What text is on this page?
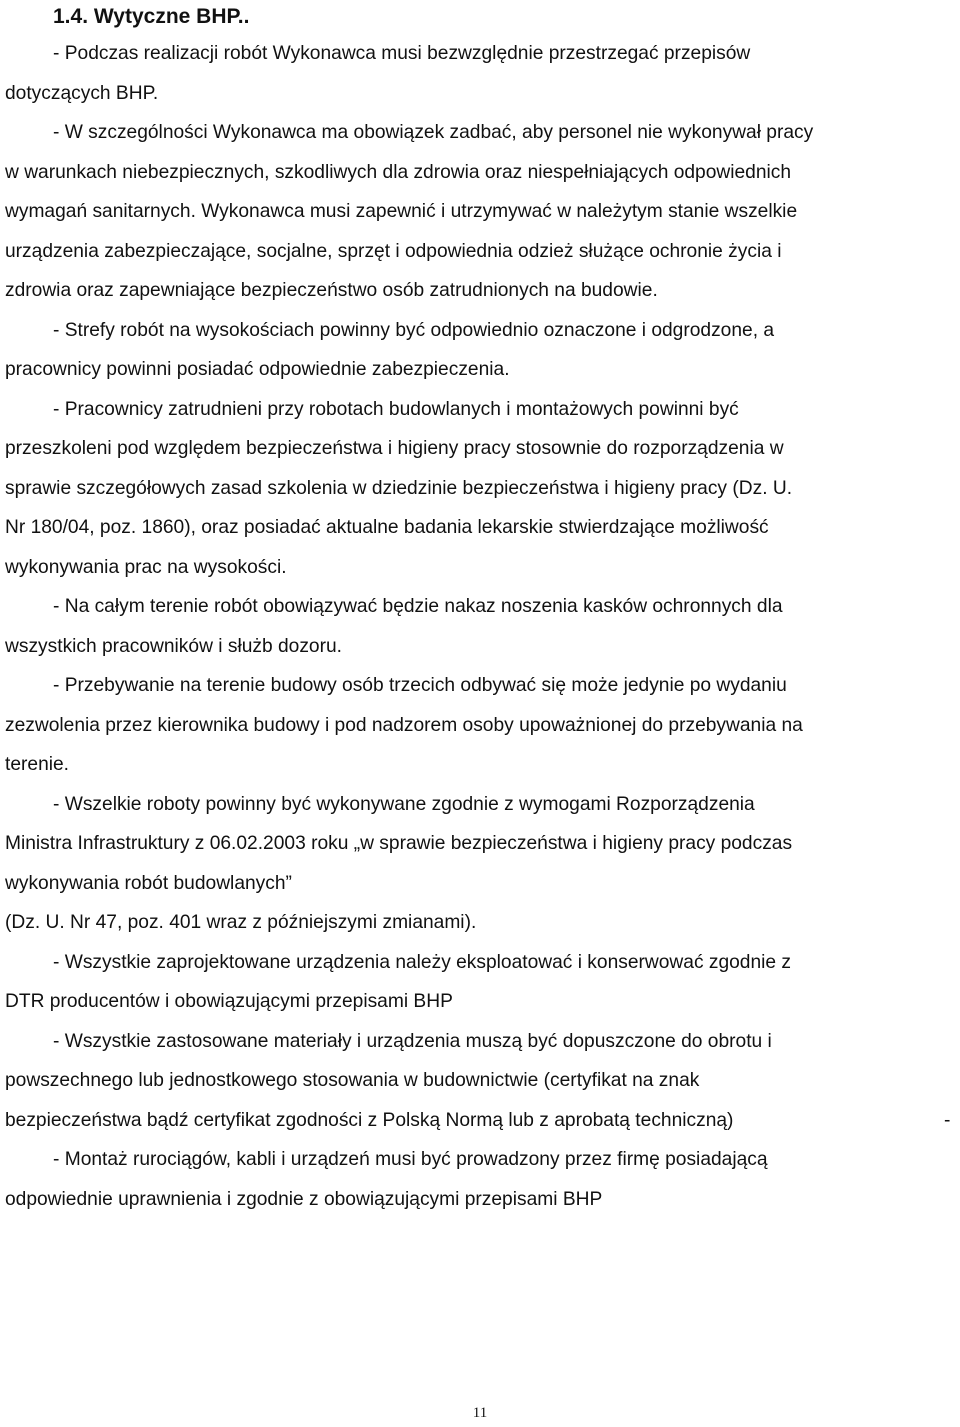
1.4. Wytyczne BHP..
- Podczas realizacji robót Wykonawca musi bezwzględnie przestrzegać przepisów
dotyczących BHP.
- W szczególności Wykonawca ma obowiązek zadbać, aby personel nie wykonywał pracy
w warunkach niebezpiecznych, szkodliwych dla zdrowia oraz niespełniających odpowiednich
wymagań sanitarnych. Wykonawca musi zapewnić i utrzymywać w należytym stanie wszelkie
urządzenia zabezpieczające, socjalne, sprzęt i odpowiednia odzież służące ochronie życia i
zdrowia oraz zapewniające bezpieczeństwo osób zatrudnionych na budowie.
- Strefy robót na wysokościach powinny być odpowiednio oznaczone i odgrodzone, a
pracownicy powinni posiadać odpowiednie zabezpieczenia.
- Pracownicy zatrudnieni przy robotach budowlanych i montażowych powinni być
przeszkoleni pod względem bezpieczeństwa i higieny pracy stosownie do rozporządzenia w
sprawie szczegółowych zasad szkolenia w dziedzinie bezpieczeństwa i higieny pracy (Dz. U.
Nr 180/04, poz. 1860), oraz posiadać aktualne badania lekarskie stwierdzające możliwość
wykonywania prac na wysokości.
- Na całym terenie robót obowiązywać będzie nakaz noszenia kasków ochronnych dla
wszystkich pracowników i służb dozoru.
- Przebywanie na terenie budowy osób trzecich odbywać się może jedynie po wydaniu
zezwolenia przez kierownika budowy i pod nadzorem osoby upoważnionej do przebywania na
terenie.
- Wszelkie roboty powinny być wykonywane zgodnie z wymogami Rozporządzenia
Ministra Infrastruktury z 06.02.2003 roku „w sprawie bezpieczeństwa i higieny pracy podczas
wykonywania robót budowlanych”
(Dz. U. Nr 47, poz. 401 wraz z późniejszymi zmianami).
- Wszystkie zaprojektowane urządzenia należy eksploatować i konserwować zgodnie z
DTR producentów i obowiązującymi przepisami BHP
- Wszystkie zastosowane materiały i urządzenia muszą być dopuszczone do obrotu i
powszechnego lub jednostkowego stosowania w budownictwie (certyfikat na znak
bezpieczeństwa bądź certyfikat zgodności z Polską Normą lub z aprobatą techniczną)	-
- Montaż rurociągów, kabli i urządzeń musi być prowadzony przez firmę posiadającą
odpowiednie uprawnienia i zgodnie z obowiązującymi przepisami BHP
11
